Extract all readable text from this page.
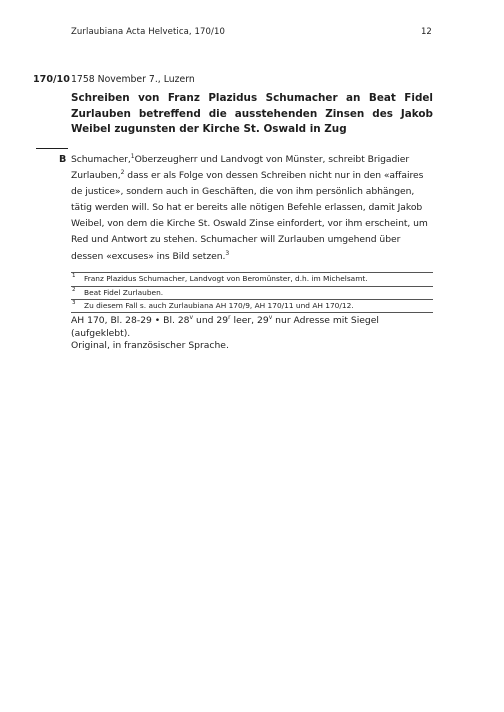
Zurlaubiana Acta Helvetica, 170/10	12
170/10 1758 November 7., Luzern

Schreiben von Franz Plazidus Schumacher an Beat Fidel Zurlauben betreffend die ausstehenden Zinsen des Jakob Weibel zugunsten der Kirche St. Oswald in Zug

B Schumacher,$^1$Oberzeugherr und Landvogt von Münster, schreibt Brigadier Zurlauben,$^2$ dass er als Folge von dessen Schreiben nicht nur in den «affaires de justice», sondern auch in Geschäften, die von ihm persönlich abhängen, tätig werden will. So hat er bereits alle nötigen Befehle erlassen, damit Jakob Weibel, von dem die Kirche St. Oswald Zinse einfordert, vor ihm erscheint, um Red und Antwort zu stehen. Schumacher will Zurlauben umgehend über dessen «excuses» ins Bild setzen.$^3$

1 Franz Plazidus Schumacher, Landvogt von Beromünster, d.h. im Michelsamt.
2 Beat Fidel Zurlauben.
3 Zu diesem Fall s. auch Zurlaubiana AH 170/9, AH 170/11 und AH 170/12.
AH 170, Bl. 28-29 • Bl. 28$^v$ und 29$^r$ leer, 29$^v$ nur Adresse mit Siegel (aufgeklebt).
Original, in französischer Sprache.
